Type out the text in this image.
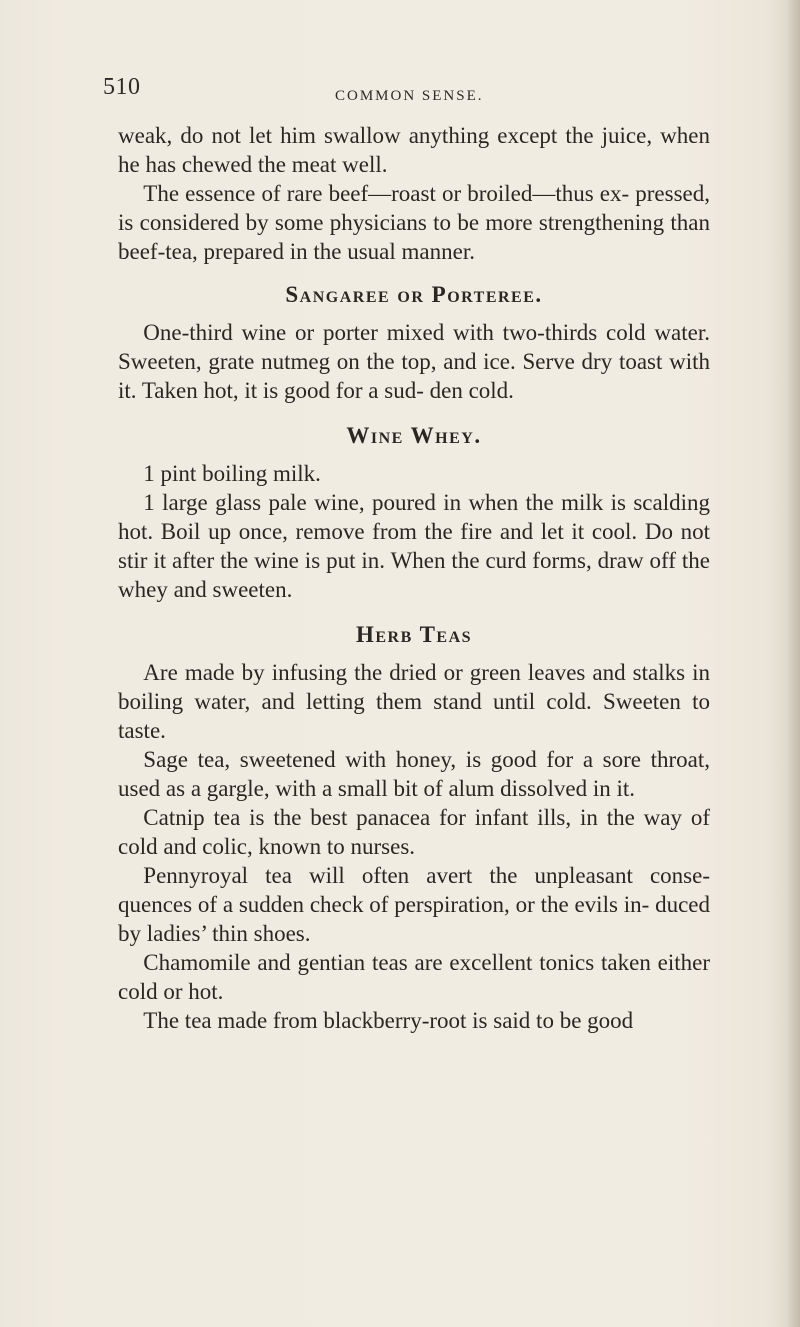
510	COMMON SENSE.

weak, do not let him swallow anything except the juice, when he has chewed the meat well.

The essence of rare beef—roast or broiled—thus ex- pressed, is considered by some physicians to be more strengthening than beef-tea, prepared in the usual manner.

Sangaree or Porteree.

One-third wine or porter mixed with two-thirds cold water. Sweeten, grate nutmeg on the top, and ice. Serve dry toast with it. Taken hot, it is good for a sud- den cold.

Wine Whey.

1 pint boiling milk.

1 large glass pale wine, poured in when the milk is scalding hot. Boil up once, remove from the fire and let it cool. Do not stir it after the wine is put in. When the curd forms, draw off the whey and sweeten.

Herb Teas

Are made by infusing the dried or green leaves and stalks in boiling water, and letting them stand until cold. Sweeten to taste.

Sage tea, sweetened with honey, is good for a sore throat, used as a gargle, with a small bit of alum dissolved in it.

Catnip tea is the best panacea for infant ills, in the way of cold and colic, known to nurses.

Pennyroyal tea will often avert the unpleasant conse- quences of a sudden check of perspiration, or the evils in- duced by ladies’ thin shoes.

Chamomile and gentian teas are excellent tonics taken either cold or hot.

The tea made from blackberry-root is said to be good
